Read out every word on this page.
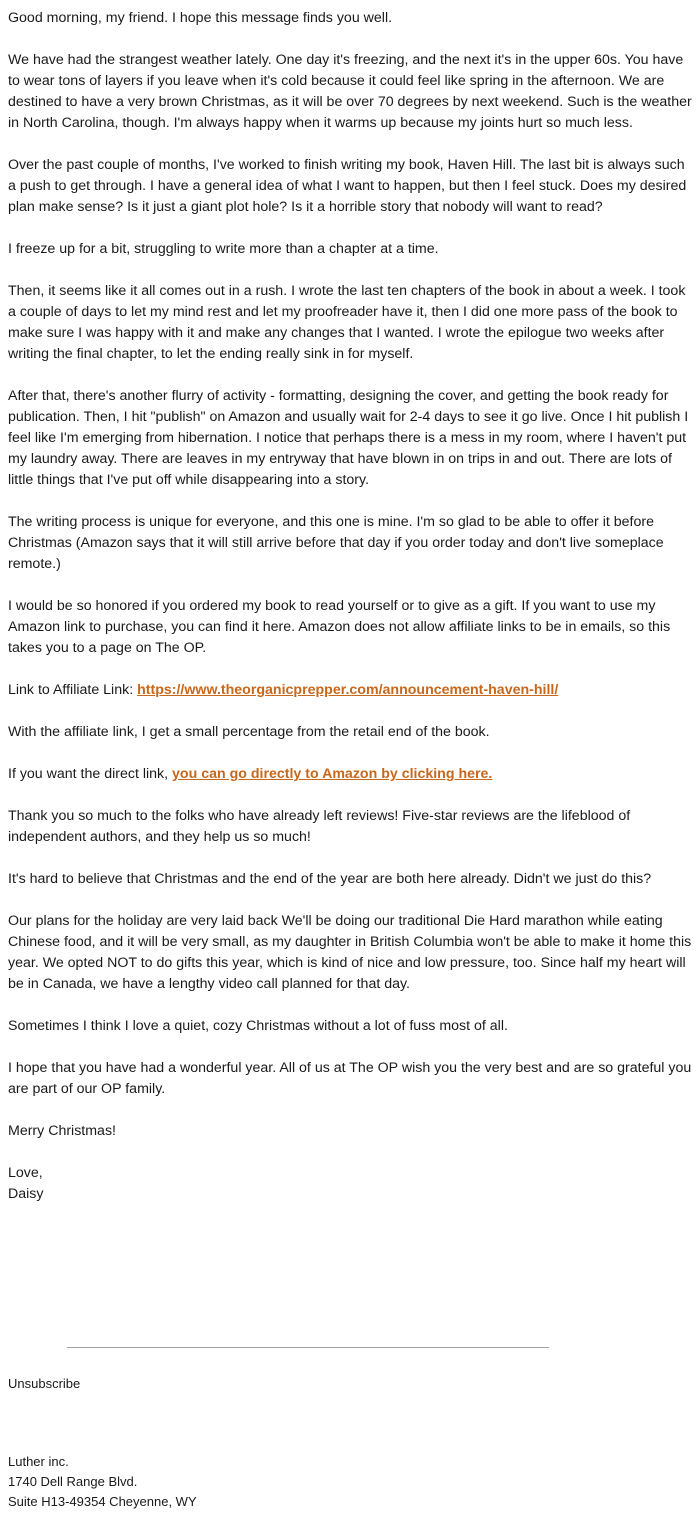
Good morning, my friend. I hope this message finds you well.

We have had the strangest weather lately. One day it's freezing, and the next it's in the upper 60s. You have to wear tons of layers if you leave when it's cold because it could feel like spring in the afternoon. We are destined to have a very brown Christmas, as it will be over 70 degrees by next weekend. Such is the weather in North Carolina, though. I'm always happy when it warms up because my joints hurt so much less.

Over the past couple of months, I've worked to finish writing my book, Haven Hill. The last bit is always such a push to get through. I have a general idea of what I want to happen, but then I feel stuck. Does my desired plan make sense? Is it just a giant plot hole? Is it a horrible story that nobody will want to read?

I freeze up for a bit, struggling to write more than a chapter at a time.

Then, it seems like it all comes out in a rush. I wrote the last ten chapters of the book in about a week. I took a couple of days to let my mind rest and let my proofreader have it, then I did one more pass of the book to make sure I was happy with it and make any changes that I wanted. I wrote the epilogue two weeks after writing the final chapter, to let the ending really sink in for myself.

After that, there's another flurry of activity - formatting, designing the cover, and getting the book ready for publication. Then, I hit "publish" on Amazon and usually wait for 2-4 days to see it go live. Once I hit publish I feel like I'm emerging from hibernation. I notice that perhaps there is a mess in my room, where I haven't put my laundry away. There are leaves in my entryway that have blown in on trips in and out. There are lots of little things that I've put off while disappearing into a story.

The writing process is unique for everyone, and this one is mine. I'm so glad to be able to offer it before Christmas (Amazon says that it will still arrive before that day if you order today and don't live someplace remote.)

I would be so honored if you ordered my book to read yourself or to give as a gift. If you want to use my Amazon link to purchase, you can find it here. Amazon does not allow affiliate links to be in emails, so this takes you to a page on The OP.

Link to Affiliate Link: https://www.theorganicprepper.com/announcement-haven-hill/

With the affiliate link, I get a small percentage from the retail end of the book.

If you want the direct link, you can go directly to Amazon by clicking here.

Thank you so much to the folks who have already left reviews! Five-star reviews are the lifeblood of independent authors, and they help us so much!

It's hard to believe that Christmas and the end of the year are both here already. Didn't we just do this?

Our plans for the holiday are very laid back We'll be doing our traditional Die Hard marathon while eating Chinese food, and it will be very small, as my daughter in British Columbia won't be able to make it home this year. We opted NOT to do gifts this year, which is kind of nice and low pressure, too. Since half my heart will be in Canada, we have a lengthy video call planned for that day.

Sometimes I think I love a quiet, cozy Christmas without a lot of fuss most of all.

I hope that you have had a wonderful year. All of us at The OP wish you the very best and are so grateful you are part of our OP family.

Merry Christmas!

Love,
Daisy

Unsubscribe
Luther inc.
1740 Dell Range Blvd.
Suite H13-49354 Cheyenne, WY
